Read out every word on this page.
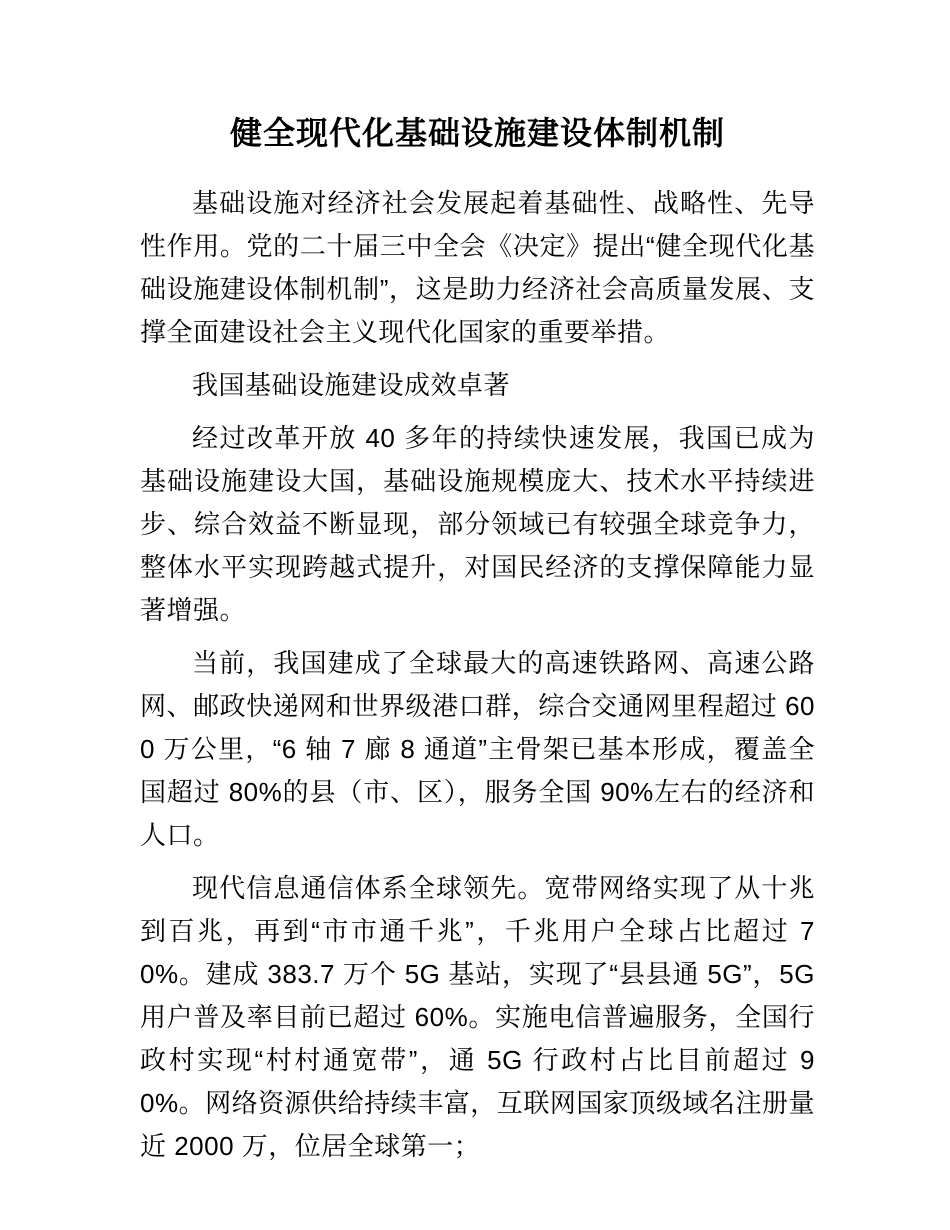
健全现代化基础设施建设体制机制

基础设施对经济社会发展起着基础性、战略性、先导性作用。党的二十届三中全会《决定》提出“健全现代化基础设施建设体制机制”，这是助力经济社会高质量发展、支撑全面建设社会主义现代化国家的重要举措。

我国基础设施建设成效卓著

经过改革开放 40 多年的持续快速发展，我国已成为基础设施建设大国，基础设施规模庞大、技术水平持续进步、综合效益不断显现，部分领域已有较强全球竞争力，整体水平实现跨越式提升，对国民经济的支撑保障能力显著增强。

当前，我国建成了全球最大的高速铁路网、高速公路网、邮政快递网和世界级港口群，综合交通网里程超过 600 万公里，“6 轴 7 廊 8 通道”主骨架已基本形成，覆盖全国超过 80%的县（市、区），服务全国 90%左右的经济和人口。

现代信息通信体系全球领先。宽带网络实现了从十兆到百兆，再到“市市通千兆”，千兆用户全球占比超过 70%。建成 383.7 万个 5G 基站，实现了“县县通 5G”，5G 用户普及率目前已超过 60%。实施电信普遍服务，全国行政村实现“村村通宽带”，通 5G 行政村占比目前超过 90%。网络资源供给持续丰富，互联网国家顶级域名注册量近 2000 万，位居全球第一；
